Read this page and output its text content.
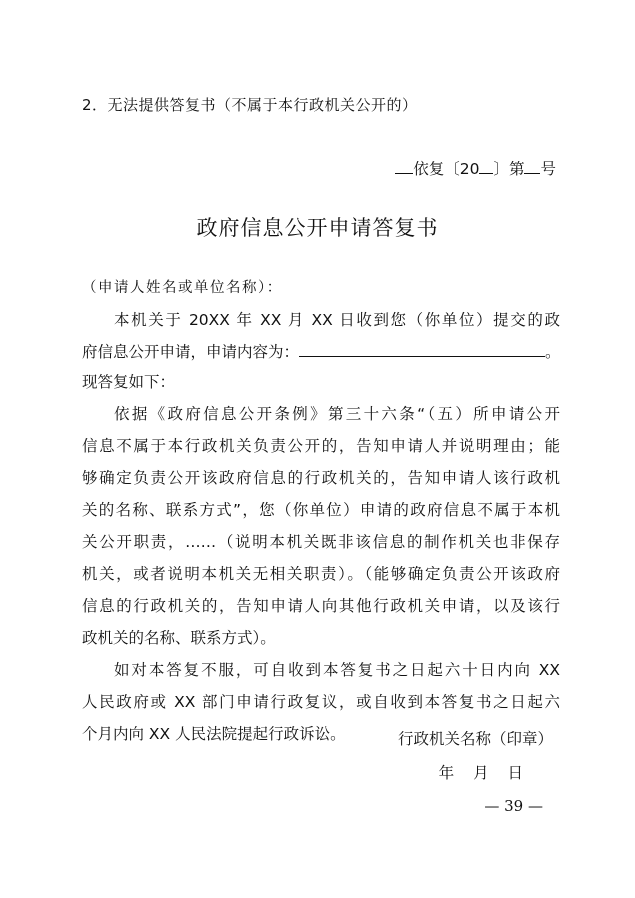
2．无法提供答复书（不属于本行政机关公开的）
依复〔20 〕第 号
政府信息公开申请答复书
（申请人姓名或单位名称）：
本机关于 20XX 年 XX 月 XX 日收到您（你单位）提交的政
府信息公开申请，申请内容为：	。
现答复如下：
依据《政府信息公开条例》第三十六条“（五）所申请公开
信息不属于本行政机关负责公开的，告知申请人并说明理由；能
够确定负责公开该政府信息的行政机关的，告知申请人该行政机
关的名称、联系方式”，您（你单位）申请的政府信息不属于本机
关公开职责，……（说明本机关既非该信息的制作机关也非保存
机关，或者说明本机关无相关职责）。（能够确定负责公开该政府
信息的行政机关的，告知申请人向其他行政机关申请，以及该行
政机关的名称、联系方式）。
如对本答复不服，可自收到本答复书之日起六十日内向 XX
人民政府或 XX 部门申请行政复议，或自收到本答复书之日起六
个月内向 XX 人民法院提起行政诉讼。	行政机关名称（印章）
年 月 日
— 39 —
